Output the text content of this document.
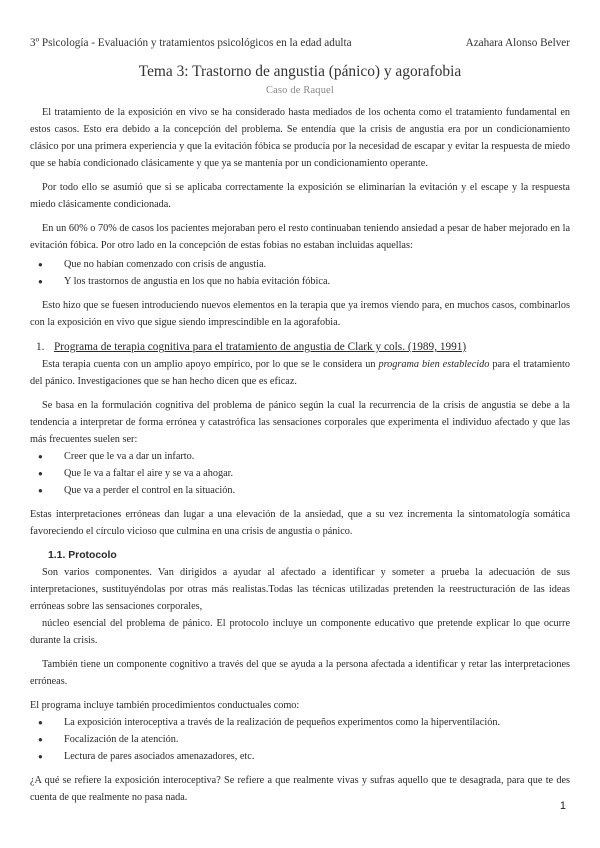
3º Psicología - Evaluación y tratamientos psicológicos en la edad adulta	Azahara Alonso Belver
Tema 3: Trastorno de angustia (pánico) y agorafobia
Caso de Raquel

El tratamiento de la exposición en vivo se ha considerado hasta mediados de los ochenta como el tratamiento fundamental en estos casos. Esto era debido a la concepción del problema. Se entendía que la crisis de angustia era por un condicionamiento clásico por una primera experiencia y que la evitación fóbica se producía por la necesidad de escapar y evitar la respuesta de miedo que se había condicionado clásicamente y que ya se mantenía por un condicionamiento operante.

Por todo ello se asumió que si se aplicaba correctamente la exposición se eliminarían la evitación y el escape y la respuesta miedo clásicamente condicionada.

En un 60% o 70% de casos los pacientes mejoraban pero el resto continuaban teniendo ansiedad a pesar de haber mejorado en la evitación fóbica. Por otro lado en la concepción de estas fobias no estaban incluidas aquellas:

● Que no habían comenzado con crisis de angustia.
● Y los trastornos de angustia en los que no había evitación fóbica.

Esto hizo que se fuesen introduciendo nuevos elementos en la terapia que ya iremos viendo para, en muchos casos, combinarlos con la exposición en vivo que sigue siendo imprescindible en la agorafobia.

1. Programa de terapia cognitiva para el tratamiento de angustia de Clark y cols. (1989, 1991)

Esta terapia cuenta con un amplio apoyo empírico, por lo que se le considera un programa bien establecido para el tratamiento del pánico. Investigaciones que se han hecho dicen que es eficaz.

Se basa en la formulación cognitiva del problema de pánico según la cual la recurrencia de la crisis de angustia se debe a la tendencia a interpretar de forma errónea y catastrófica las sensaciones corporales que experimenta el individuo afectado y que las más frecuentes suelen ser:

● Creer que le va a dar un infarto.
● Que le va a faltar el aire y se va a ahogar.
● Que va a perder el control en la situación.

Estas interpretaciones erróneas dan lugar a una elevación de la ansiedad, que a su vez incrementa la sintomatología somática favoreciendo el círculo vicioso que culmina en una crisis de angustia o pánico.

1.1. Protocolo

Son varios componentes. Van dirigidos a ayudar al afectado a identificar y someter a prueba la adecuación de sus interpretaciones, sustituyéndolas por otras más realistas.Todas las técnicas utilizadas pretenden la reestructuración de las ideas erróneas sobre las sensaciones corporales,

núcleo esencial del problema de pánico. El protocolo incluye un componente educativo que pretende explicar lo que ocurre durante la crisis.

También tiene un componente cognitivo a través del que se ayuda a la persona afectada a identificar y retar las interpretaciones erróneas.

El programa incluye también procedimientos conductuales como:

● La exposición interoceptiva a través de la realización de pequeños experimentos como la hiperventilación.
● Focalización de la atención.
● Lectura de pares asociados amenazadores, etc.

¿A qué se refiere la exposición interoceptiva? Se refiere a que realmente vivas y sufras aquello que te desagrada, para que te des cuenta de que realmente no pasa nada.

1
